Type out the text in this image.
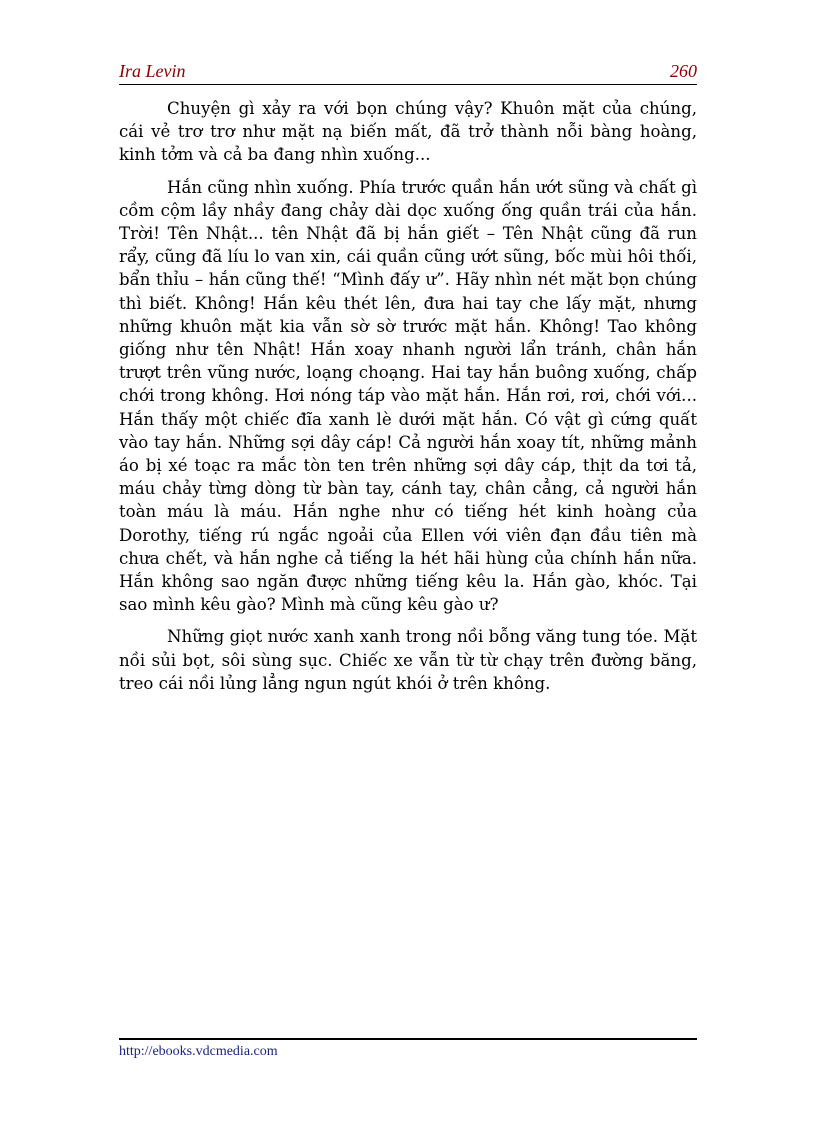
Ira Levin	260

Chuyện gì xảy ra với bọn chúng vậy? Khuôn mặt của chúng, cái vẻ trơ trơ như mặt nạ biến mất, đã trở thành nỗi bàng hoàng, kinh tởm và cả ba đang nhìn xuống...

Hắn cũng nhìn xuống. Phía trước quần hắn ướt sũng và chất gì cồm cộm lầy nhầy đang chảy dài dọc xuống ống quần trái của hắn. Trời! Tên Nhật... tên Nhật đã bị hắn giết – Tên Nhật cũng đã run rẩy, cũng đã líu lo van xin, cái quần cũng ướt sũng, bốc mùi hôi thối, bẩn thỉu – hắn cũng thế! “Mình đấy ư”. Hãy nhìn nét mặt bọn chúng thì biết. Không! Hắn kêu thét lên, đưa hai tay che lấy mặt, nhưng những khuôn mặt kia vẫn sờ sờ trước mặt hắn. Không! Tao không giống như tên Nhật! Hắn xoay nhanh người lẩn tránh, chân hắn trượt trên vũng nước, loạng choạng. Hai tay hắn buông xuống, chấp chới trong không. Hơi nóng táp vào mặt hắn. Hắn rơi, rơi, chới với... Hắn thấy một chiếc đĩa xanh lè dưới mặt hắn. Có vật gì cứng quất vào tay hắn. Những sợi dây cáp! Cả người hắn xoay tít, những mảnh áo bị xé toạc ra mắc tòn ten trên những sợi dây cáp, thịt da tơi tả, máu chảy từng dòng từ bàn tay, cánh tay, chân cẳng, cả người hắn toàn máu là máu. Hắn nghe như có tiếng hét kinh hoàng của Dorothy, tiếng rú ngắc ngoải của Ellen với viên đạn đầu tiên mà chưa chết, và hắn nghe cả tiếng la hét hãi hùng của chính hắn nữa. Hắn không sao ngăn được những tiếng kêu la. Hắn gào, khóc. Tại sao mình kêu gào? Mình mà cũng kêu gào ư?

Những giọt nước xanh xanh trong nồi bỗng văng tung tóe. Mặt nồi sủi bọt, sôi sùng sục. Chiếc xe vẫn từ từ chạy trên đường băng, treo cái nồi lủng lẳng ngun ngút khói ở trên không.

http://ebooks.vdcmedia.com
